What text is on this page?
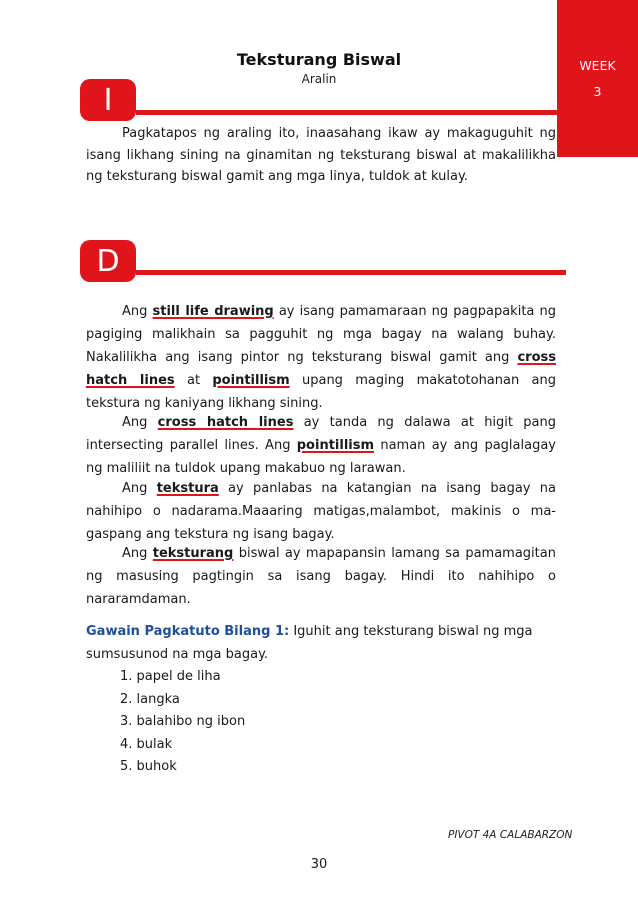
WEEK
3
Teksturang Biswal
Aralin
I

Pagkatapos ng araling ito, inaasahang ikaw ay makaguguhit ng isang likhang sining na ginamitan ng teksturang biswal at makalilikha ng teksturang biswal gamit ang mga linya, tuldok at kulay.

D

Ang still life drawing ay isang pamamaraan ng pagpapakita ng pagiging malikhain sa pagguhit ng mga bagay na walang buhay. Nakalilikha ang isang pintor ng teksturang biswal gamit ang cross hatch lines at pointillism upang maging makatotohanan ang tekstura ng kaniyang likhang sining.

Ang cross hatch lines ay tanda ng dalawa at higit pang intersecting parallel lines. Ang pointillism naman ay ang paglalagay ng maliliit na tuldok upang makabuo ng larawan.

Ang tekstura ay panlabas na katangian na isang bagay na nahihipo o nadarama.Maaaring matigas,malambot, makinis o ma-gaspang ang tekstura ng isang bagay.

Ang teksturang biswal ay mapapansin lamang sa pamamagitan ng masusing pagtingin sa isang bagay. Hindi ito nahihipo o nararamdaman.

Gawain Pagkatuto Bilang 1: Iguhit ang teksturang biswal ng mga sumsusunod na mga bagay.
1. papel de liha
2. langka
3. balahibo ng ibon
4. bulak
5. buhok
PIVOT 4A CALABARZON
30
